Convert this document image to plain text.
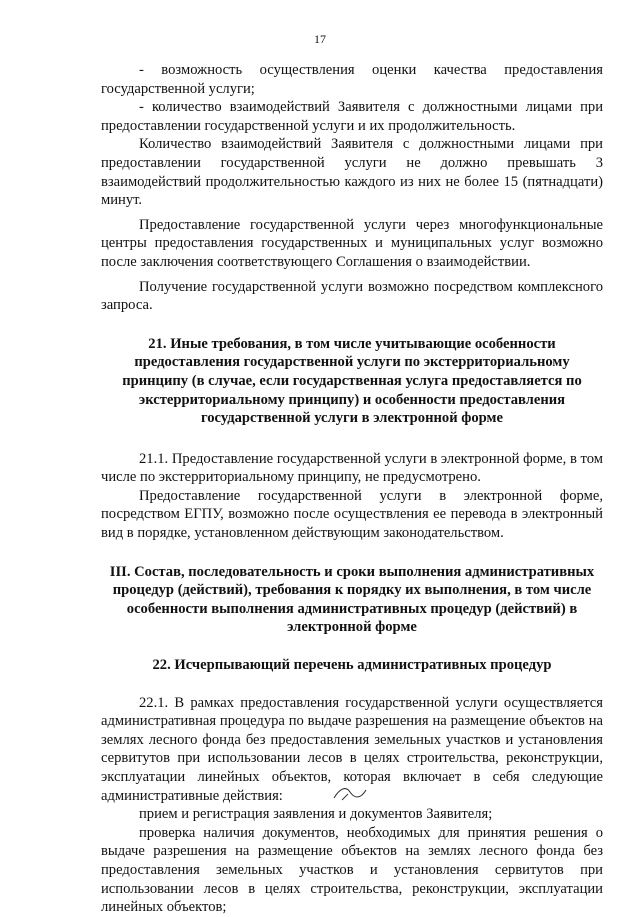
17

- возможность осуществления оценки качества предоставления государственной услуги;

- количество взаимодействий Заявителя с должностными лицами при предоставлении государственной услуги и их продолжительность.

Количество взаимодействий Заявителя с должностными лицами при предоставлении государственной услуги не должно превышать 3 взаимодействий продолжительностью каждого из них не более 15 (пятнадцати) минут.

Предоставление государственной услуги через многофункциональные центры предоставления государственных и муниципальных услуг возможно после заключения соответствующего Соглашения о взаимодействии.

Получение государственной услуги возможно посредством комплексного запроса.

21. Иные требования, в том числе учитывающие особенности предоставления государственной услуги по экстерриториальному принципу (в случае, если государственная услуга предоставляется по экстерриториальному принципу) и особенности предоставления государственной услуги в электронной форме

21.1. Предоставление государственной услуги в электронной форме, в том числе по экстерриториальному принципу, не предусмотрено.

Предоставление государственной услуги в электронной форме, посредством ЕГПУ, возможно после осуществления ее перевода в электронный вид в порядке, установленном действующим законодательством.

III. Состав, последовательность и сроки выполнения административных процедур (действий), требования к порядку их выполнения, в том числе особенности выполнения административных процедур (действий) в электронной форме

22. Исчерпывающий перечень административных процедур

22.1. В рамках предоставления государственной услуги осуществляется административная процедура по выдаче разрешения на размещение объектов на землях лесного фонда без предоставления земельных участков и установления сервитутов при использовании лесов в целях строительства, реконструкции, эксплуатации линейных объектов, которая включает в себя следующие административные действия:

прием и регистрация заявления и документов Заявителя;

проверка наличия документов, необходимых для принятия решения о выдаче разрешения на размещение объектов на землях лесного фонда без предоставления земельных участков и установления сервитутов при использовании лесов в целях строительства, реконструкции, эксплуатации линейных объектов;
